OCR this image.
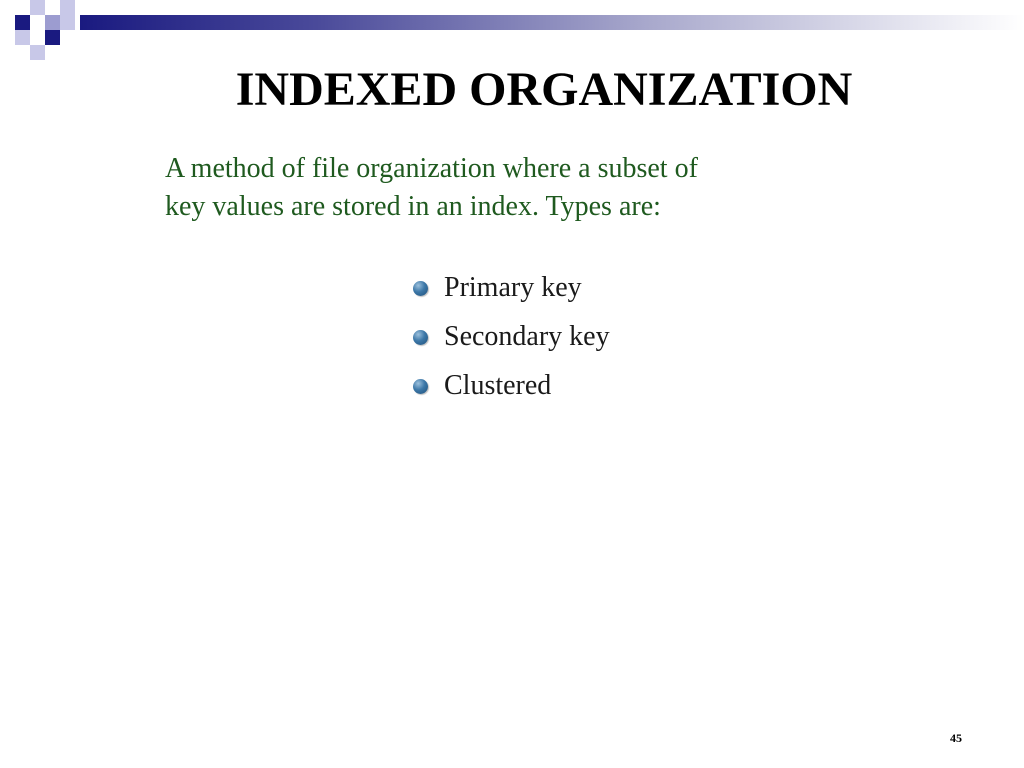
INDEXED ORGANIZATION
A method of file organization where a subset of
key values are stored in an index. Types are:
Primary key
Secondary key
Clustered
45
